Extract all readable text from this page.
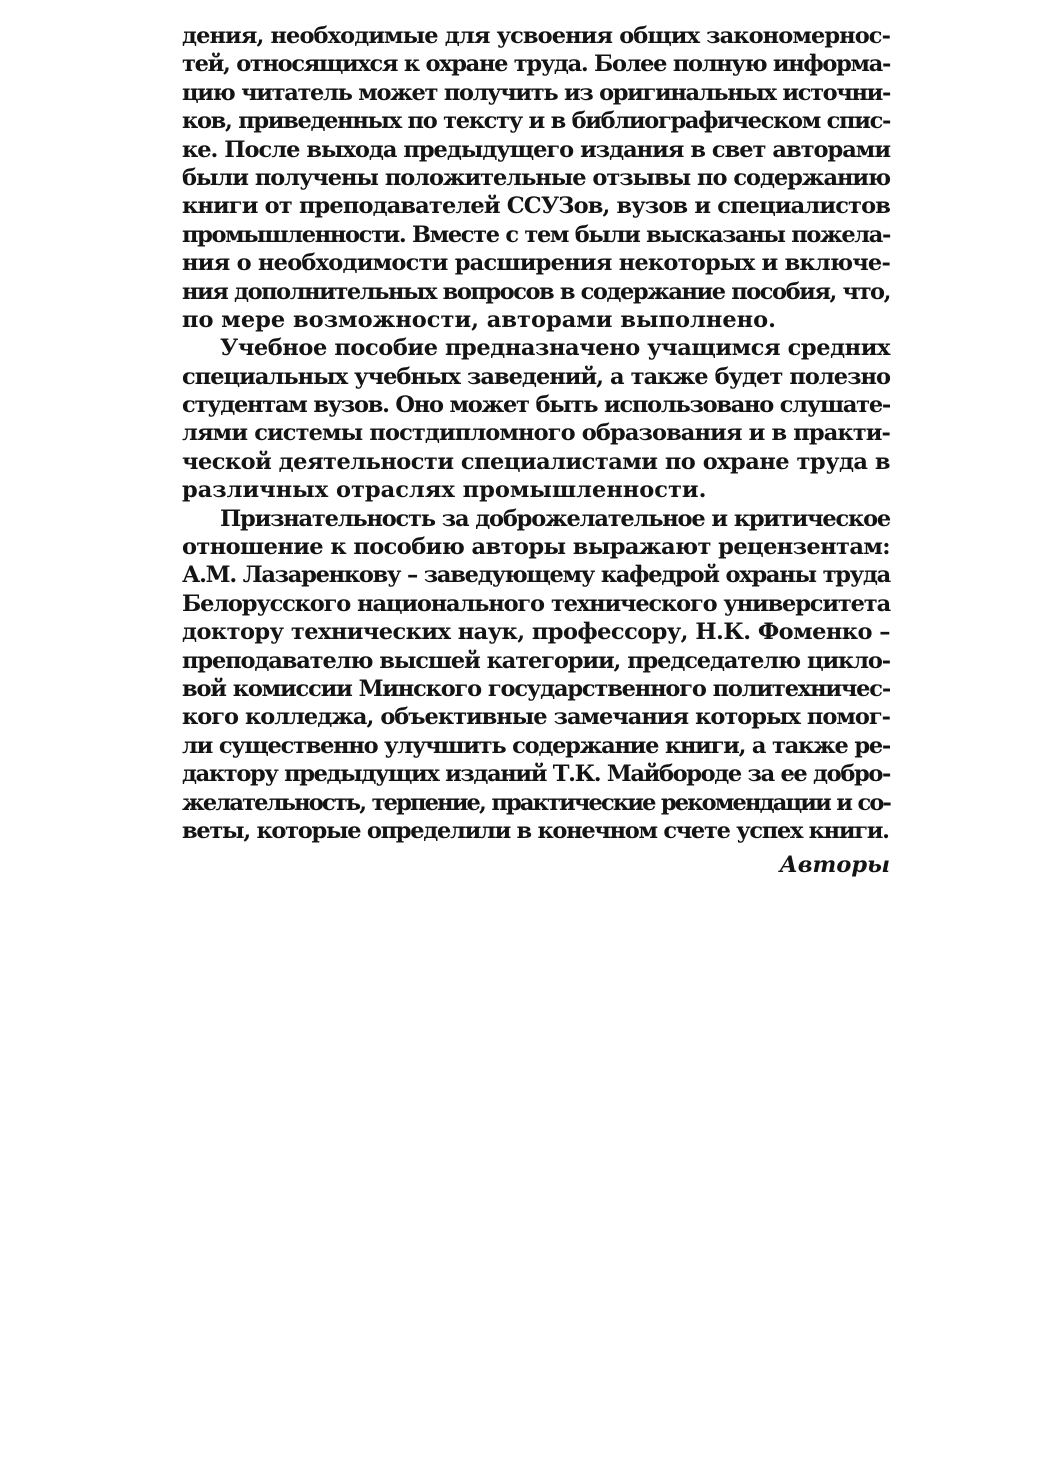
дения, необходимые для усвоения общих закономернос-
тей, относящихся к охране труда. Более полную информа-
цию читатель может получить из оригинальных источни-
ков, приведенных по тексту и в библиографическом спис-
ке. После выхода предыдущего издания в свет авторами
были получены положительные отзывы по содержанию
книги от преподавателей ССУЗов, вузов и специалистов
промышленности. Вместе с тем были высказаны пожела-
ния о необходимости расширения некоторых и включе-
ния дополнительных вопросов в содержание пособия, что,
по мере возможности, авторами выполнено.
Учебное пособие предназначено учащимся средних
специальных учебных заведений, а также будет полезно
студентам вузов. Оно может быть использовано слушате-
лями системы постдипломного образования и в практи-
ческой деятельности специалистами по охране труда в
различных отраслях промышленности.
Признательность за доброжелательное и критическое
отношение к пособию авторы выражают рецензентам:
А.М. Лазаренкову – заведующему кафедрой охраны труда
Белорусского национального технического университета
доктору технических наук, профессору, Н.К. Фоменко –
преподавателю высшей категории, председателю цикло-
вой комиссии Минского государственного политехничес-
кого колледжа, объективные замечания которых помог-
ли существенно улучшить содержание книги, а также ре-
дактору предыдущих изданий Т.К. Майбороде за ее добро-
желательность, терпение, практические рекомендации и со-
веты, которые определили в конечном счете успех книги.
Авторы
